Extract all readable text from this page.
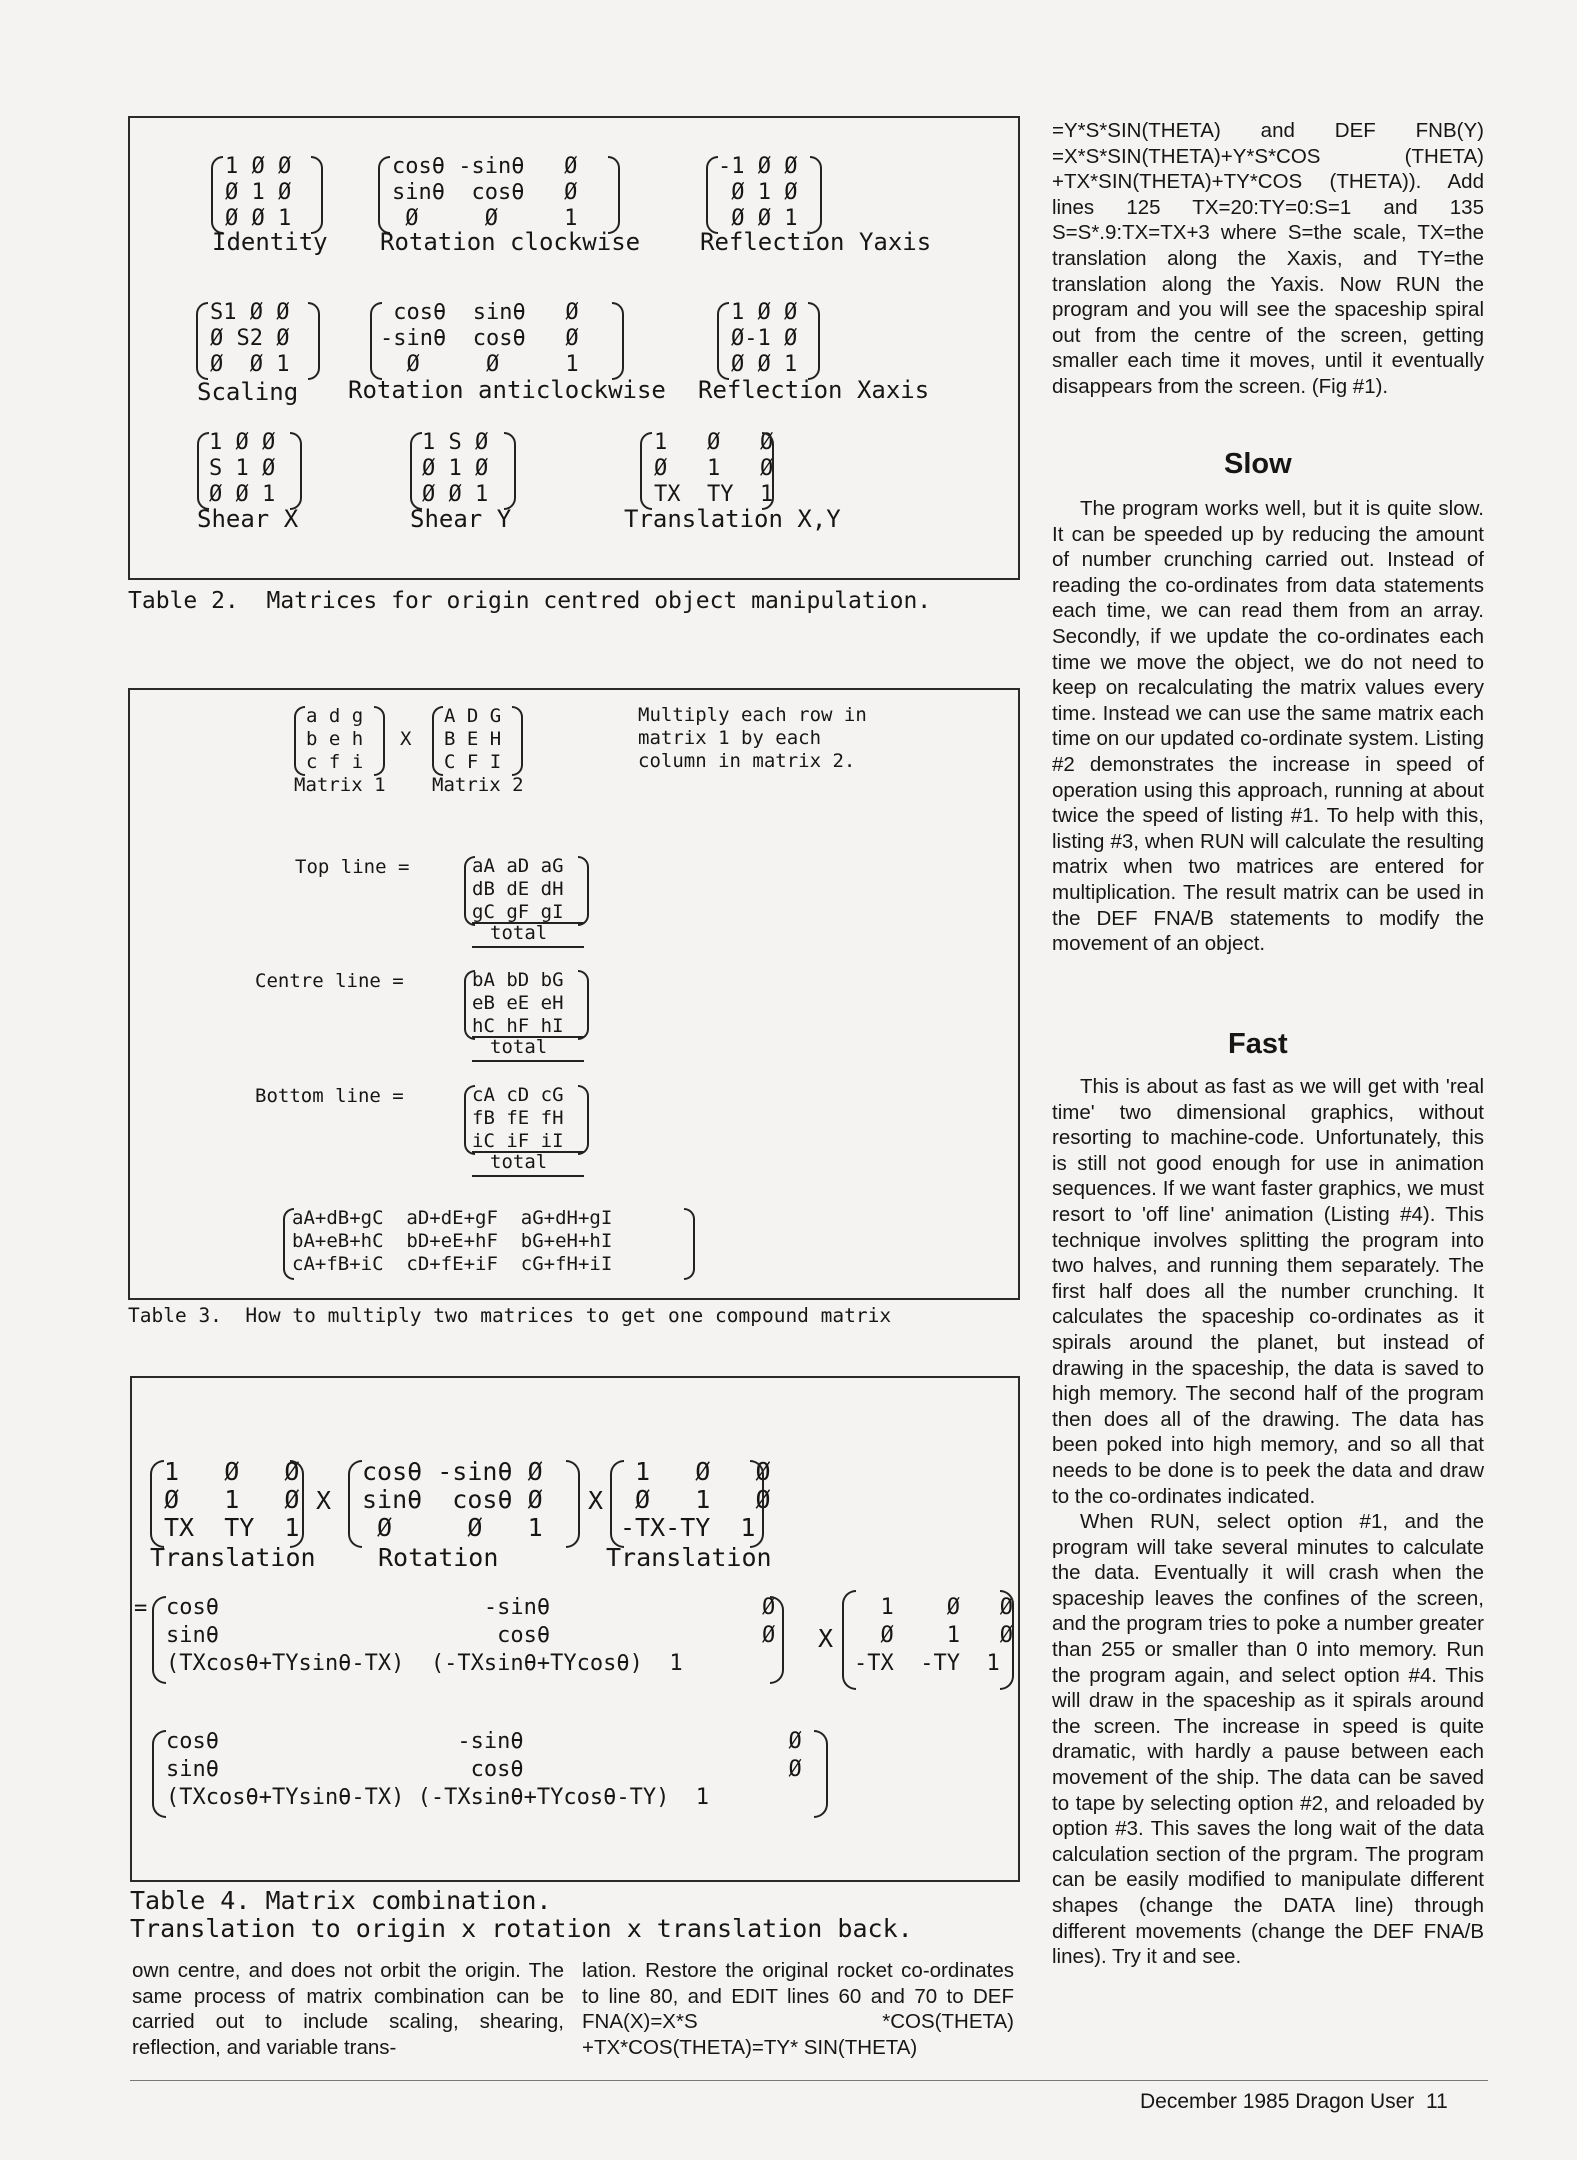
1 Ø Ø
Ø 1 Ø
Ø Ø 1
Identity
cosθ -sinθ   Ø
sinθ  cosθ   Ø
Ø     Ø     1
Rotation clockwise
-1 Ø Ø
Ø 1 Ø
Ø Ø 1
Reflection Yaxis
S1 Ø Ø
Ø S2 Ø
Ø  Ø 1
Scaling
cosθ  sinθ   Ø
-sinθ  cosθ   Ø
Ø     Ø     1
Rotation anticlockwise
1 Ø Ø
Ø-1 Ø
Ø Ø 1
Reflection Xaxis
1 Ø Ø
S 1 Ø
Ø Ø 1
Shear X
1 S Ø
Ø 1 Ø
Ø Ø 1
Shear Y
1   Ø   Ø
Ø   1   Ø
TX  TY  1
Translation X,Y
Table 2.  Matrices for origin centred object manipulation.
a d g
b e h
c f i
X
A D G
B E H
C F I
Matrix 1 Matrix 2
Multiply each row in
matrix 1 by each
column in matrix 2.
Top line =	aA aD aG
dB dE dH
gC gF gI
total
Centre line =	bA bD bG
eB eE eH
hC hF hI
total
Bottom line =	cA cD cG
fB fE fH
iC iF iI
total
aA+dB+gC  aD+dE+gF  aG+dH+gI
bA+eB+hC  bD+eE+hF  bG+eH+hI
cA+fB+iC  cD+fE+iF  cG+fH+iI
Table 3.  How to multiply two matrices to get one compound matrix
1   Ø   Ø
Ø   1   Ø
TX  TY  1
X
cosθ -sinθ Ø
sinθ  cosθ Ø
Ø     Ø   1
X
1   Ø   Ø
Ø   1   Ø
-TX-TY  1
Translation Rotation	Translation
= cosθ                    -sinθ                Ø
sinθ                     cosθ                Ø
(TXcosθ+TYsinθ-TX)  (-TXsinθ+TYcosθ)  1
X
1    Ø   Ø
Ø    1   Ø
-TX  -TY  1
cosθ                  -sinθ                    Ø
sinθ                   cosθ                    Ø
(TXcosθ+TYsinθ-TX) (-TXsinθ+TYcosθ-TY)  1
Table 4. Matrix combination.
Translation to origin x rotation x translation back.

own centre, and does not orbit the origin. The same process of matrix combination can be carried out to include scaling, shearing, reflection, and variable trans-

lation. Restore the original rocket co-ordinates to line 80, and EDIT lines 60 and 70 to DEF FNA(X)=X*S *COS(THETA) +TX*COS(THETA)=TY* SIN(THETA)

=Y*S*SIN(THETA) and DEF FNB(Y) =X*S*SIN(THETA)+Y*S*COS (THETA) +TX*SIN(THETA)+TY*COS (THETA)). Add lines 125 TX=20:TY=0:S=1 and 135 S=S*.9:TX=TX+3 where S=the scale, TX=the translation along the Xaxis, and TY=the translation along the Yaxis. Now RUN the program and you will see the spaceship spiral out from the centre of the screen, getting smaller each time it moves, until it eventually disappears from the screen. (Fig #1).

Slow

The program works well, but it is quite slow. It can be speeded up by reducing the amount of number crunching carried out. Instead of reading the co-ordinates from data statements each time, we can read them from an array. Secondly, if we update the co-ordinates each time we move the object, we do not need to keep on recalculating the matrix values every time. Instead we can use the same matrix each time on our updated co-ordinate system. Listing #2 demonstrates the increase in speed of operation using this approach, running at about twice the speed of listing #1. To help with this, listing #3, when RUN will calculate the resulting matrix when two matrices are entered for multiplication. The result matrix can be used in the DEF FNA/B statements to modify the movement of an object.

Fast

This is about as fast as we will get with 'real time' two dimensional graphics, without resorting to machine-code. Unfortunately, this is still not good enough for use in animation sequences. If we want faster graphics, we must resort to 'off line' animation (Listing #4). This technique involves splitting the program into two halves, and running them separately. The first half does all the number crunching. It calculates the spaceship co-ordinates as it spirals around the planet, but instead of drawing in the spaceship, the data is saved to high memory. The second half of the program then does all of the drawing. The data has been poked into high memory, and so all that needs to be done is to peek the data and draw to the co-ordinates indicated.

When RUN, select option #1, and the program will take several minutes to calculate the data. Eventually it will crash when the spaceship leaves the confines of the screen, and the program tries to poke a number greater than 255 or smaller than 0 into memory. Run the program again, and select option #4. This will draw in the spaceship as it spirals around the screen. The increase in speed is quite dramatic, with hardly a pause between each movement of the ship. The data can be saved to tape by selecting option #2, and reloaded by option #3. This saves the long wait of the data calculation section of the prgram. The program can be easily modified to manipulate different shapes (change the DATA line) through different movements (change the DEF FNA/B lines). Try it and see.

December 1985 Dragon User  11
